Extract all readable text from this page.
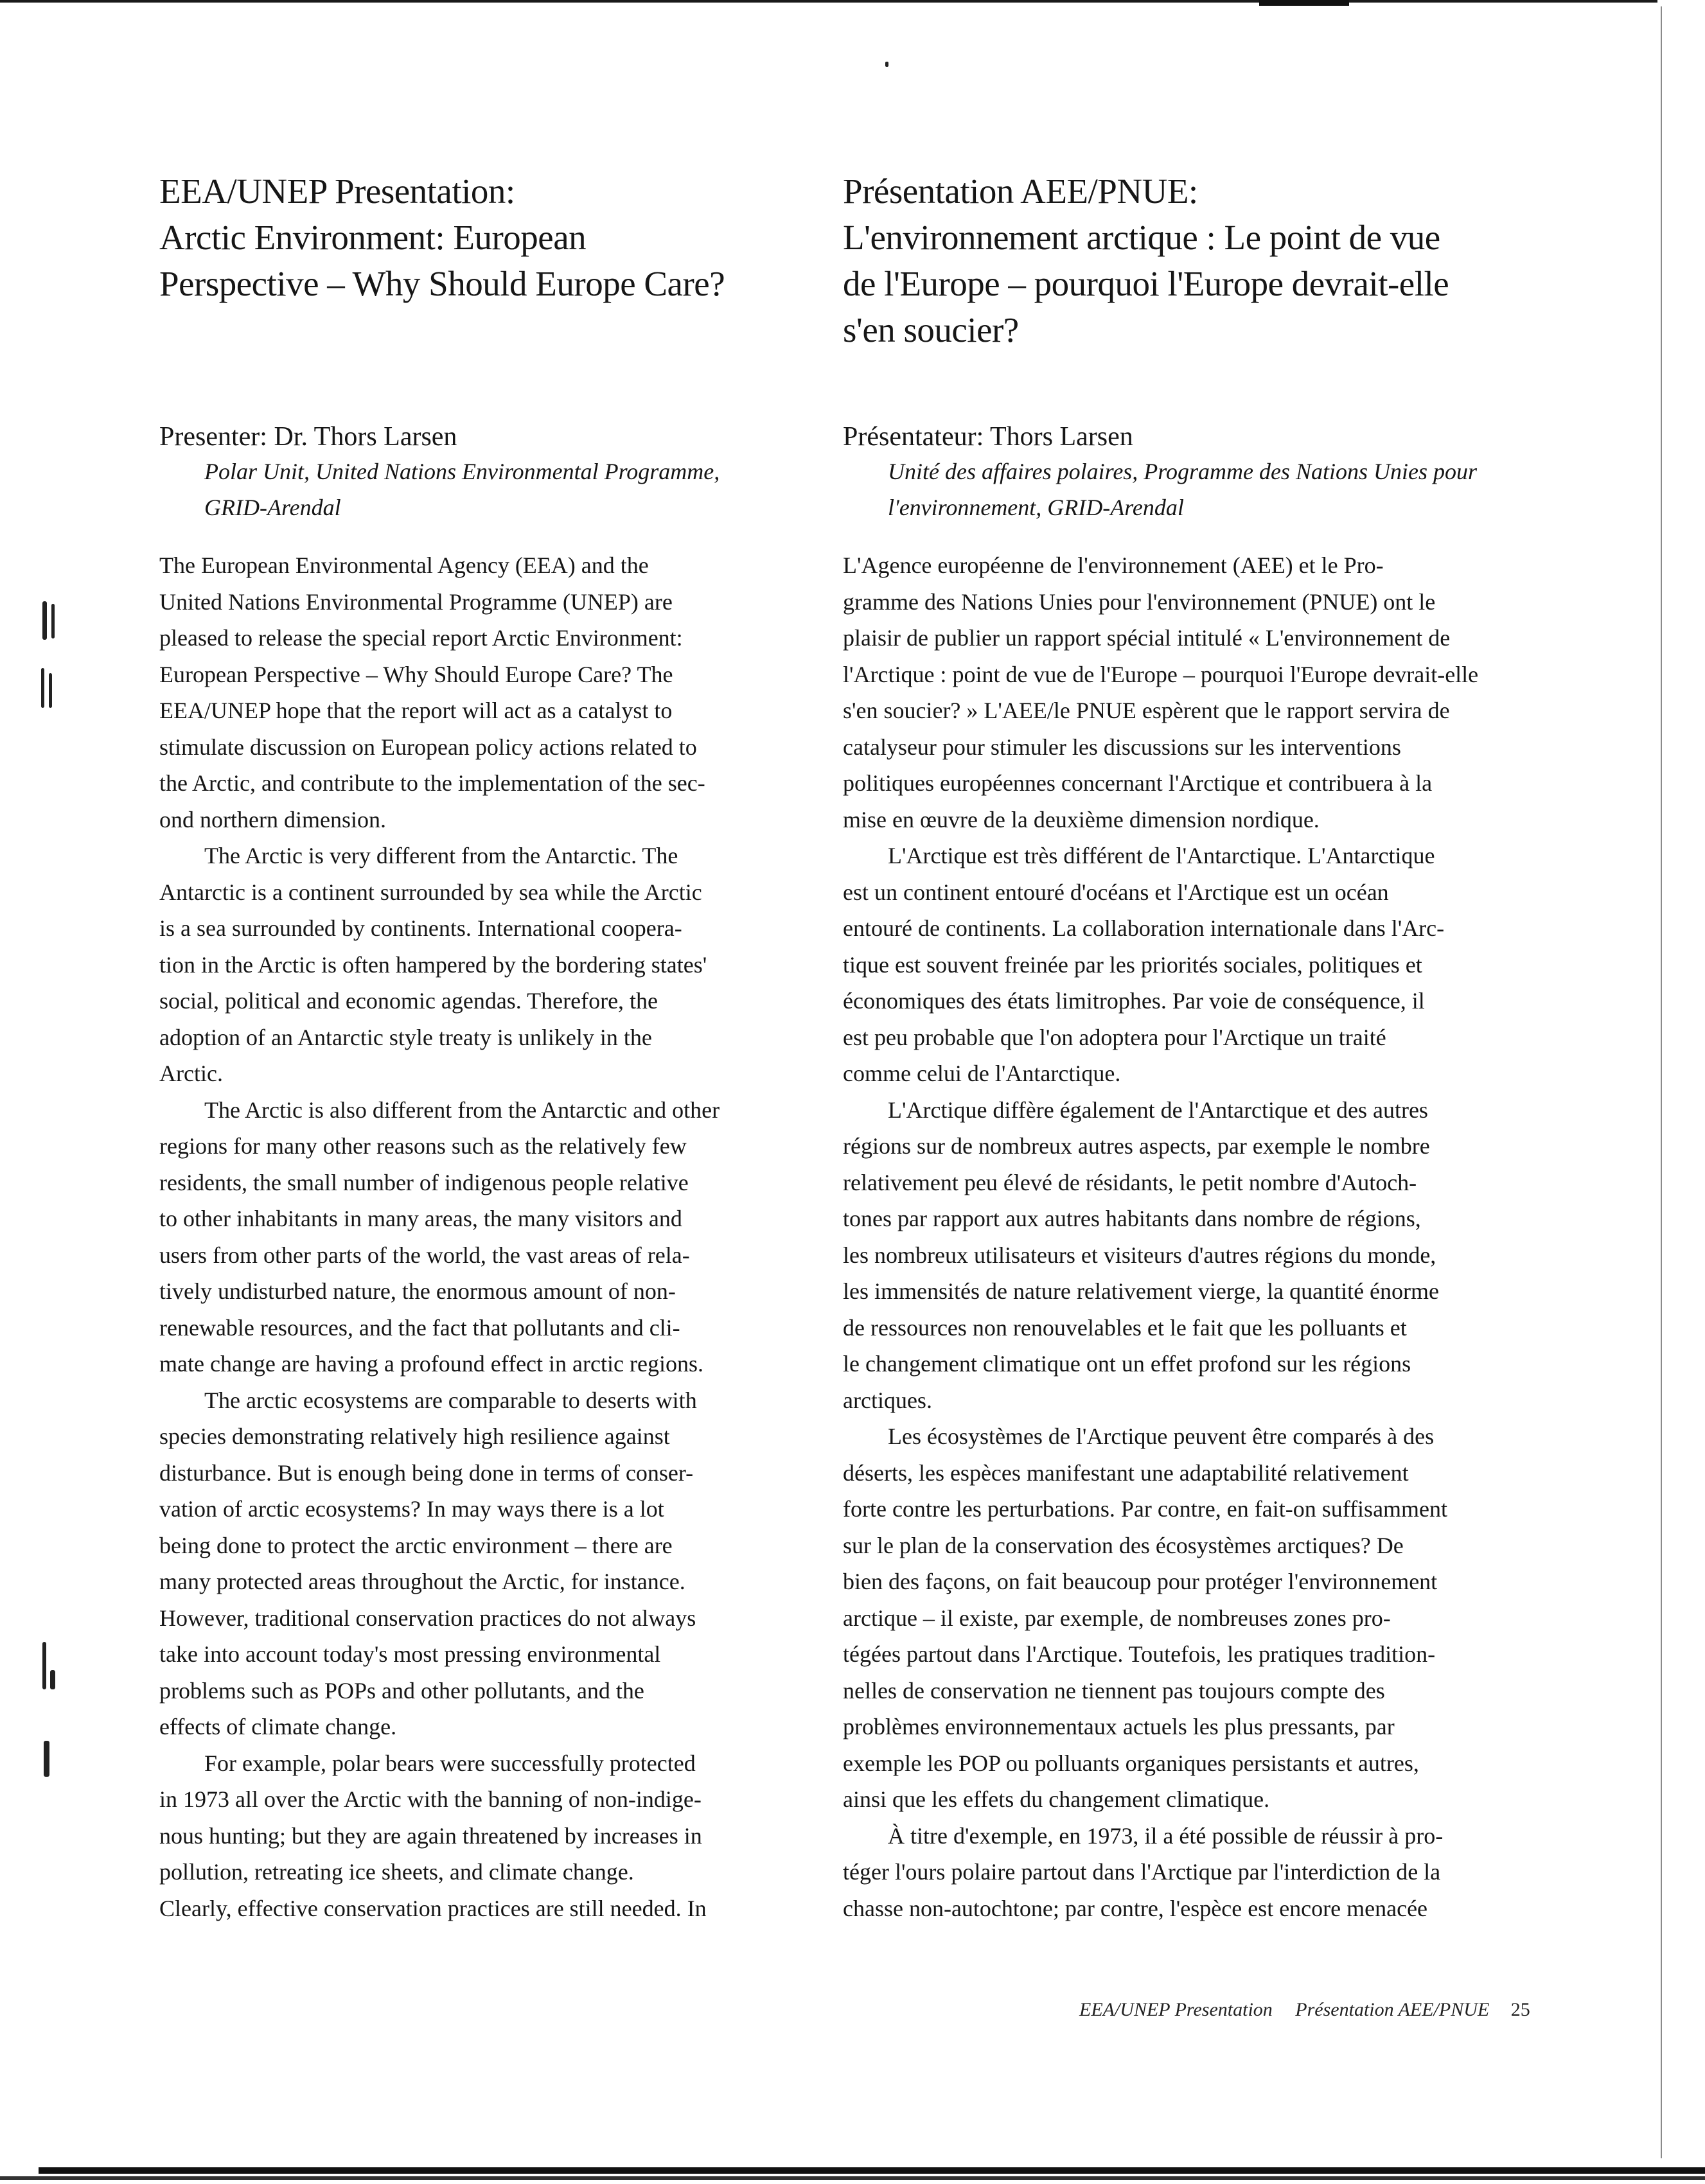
EEA/UNEP Presentation:
Arctic Environment: European
Perspective – Why Should Europe Care?
Presenter: Dr. Thors Larsen
Polar Unit, United Nations Environmental Programme,
GRID-Arendal

The European Environmental Agency (EEA) and the
United Nations Environmental Programme (UNEP) are
pleased to release the special report Arctic Environment:
European Perspective – Why Should Europe Care? The
EEA/UNEP hope that the report will act as a catalyst to
stimulate discussion on European policy actions related to
the Arctic, and contribute to the implementation of the sec-
ond northern dimension.

The Arctic is very different from the Antarctic. The
Antarctic is a continent surrounded by sea while the Arctic
is a sea surrounded by continents. International coopera-
tion in the Arctic is often hampered by the bordering states'
social, political and economic agendas. Therefore, the
adoption of an Antarctic style treaty is unlikely in the
Arctic.

The Arctic is also different from the Antarctic and other
regions for many other reasons such as the relatively few
residents, the small number of indigenous people relative
to other inhabitants in many areas, the many visitors and
users from other parts of the world, the vast areas of rela-
tively undisturbed nature, the enormous amount of non-
renewable resources, and the fact that pollutants and cli-
mate change are having a profound effect in arctic regions.

The arctic ecosystems are comparable to deserts with
species demonstrating relatively high resilience against
disturbance. But is enough being done in terms of conser-
vation of arctic ecosystems? In may ways there is a lot
being done to protect the arctic environment – there are
many protected areas throughout the Arctic, for instance.
However, traditional conservation practices do not always
take into account today's most pressing environmental
problems such as POPs and other pollutants, and the
effects of climate change.

For example, polar bears were successfully protected
in 1973 all over the Arctic with the banning of non-indige-
nous hunting; but they are again threatened by increases in
pollution, retreating ice sheets, and climate change.
Clearly, effective conservation practices are still needed. In

Présentation AEE/PNUE:
L'environnement arctique : Le point de vue
de l'Europe – pourquoi l'Europe devrait-elle
s'en soucier?
Présentateur: Thors Larsen
Unité des affaires polaires, Programme des Nations Unies pour
l'environnement, GRID-Arendal

L'Agence européenne de l'environnement (AEE) et le Pro-
gramme des Nations Unies pour l'environnement (PNUE) ont le
plaisir de publier un rapport spécial intitulé « L'environnement de
l'Arctique : point de vue de l'Europe – pourquoi l'Europe devrait-elle
s'en soucier? » L'AEE/le PNUE espèrent que le rapport servira de
catalyseur pour stimuler les discussions sur les interventions
politiques européennes concernant l'Arctique et contribuera à la
mise en œuvre de la deuxième dimension nordique.

L'Arctique est très différent de l'Antarctique. L'Antarctique
est un continent entouré d'océans et l'Arctique est un océan
entouré de continents. La collaboration internationale dans l'Arc-
tique est souvent freinée par les priorités sociales, politiques et
économiques des états limitrophes. Par voie de conséquence, il
est peu probable que l'on adoptera pour l'Arctique un traité
comme celui de l'Antarctique.

L'Arctique diffère également de l'Antarctique et des autres
régions sur de nombreux autres aspects, par exemple le nombre
relativement peu élevé de résidants, le petit nombre d'Autoch-
tones par rapport aux autres habitants dans nombre de régions,
les nombreux utilisateurs et visiteurs d'autres régions du monde,
les immensités de nature relativement vierge, la quantité énorme
de ressources non renouvelables et le fait que les polluants et
le changement climatique ont un effet profond sur les régions
arctiques.

Les écosystèmes de l'Arctique peuvent être comparés à des
déserts, les espèces manifestant une adaptabilité relativement
forte contre les perturbations. Par contre, en fait-on suffisamment
sur le plan de la conservation des écosystèmes arctiques? De
bien des façons, on fait beaucoup pour protéger l'environnement
arctique – il existe, par exemple, de nombreuses zones pro-
tégées partout dans l'Arctique. Toutefois, les pratiques tradition-
nelles de conservation ne tiennent pas toujours compte des
problèmes environnementaux actuels les plus pressants, par
exemple les POP ou polluants organiques persistants et autres,
ainsi que les effets du changement climatique.

À titre d'exemple, en 1973, il a été possible de réussir à pro-
téger l'ours polaire partout dans l'Arctique par l'interdiction de la
chasse non-autochtone; par contre, l'espèce est encore menacée

EEA/UNEP Presentation Présentation AEE/PNUE 25
